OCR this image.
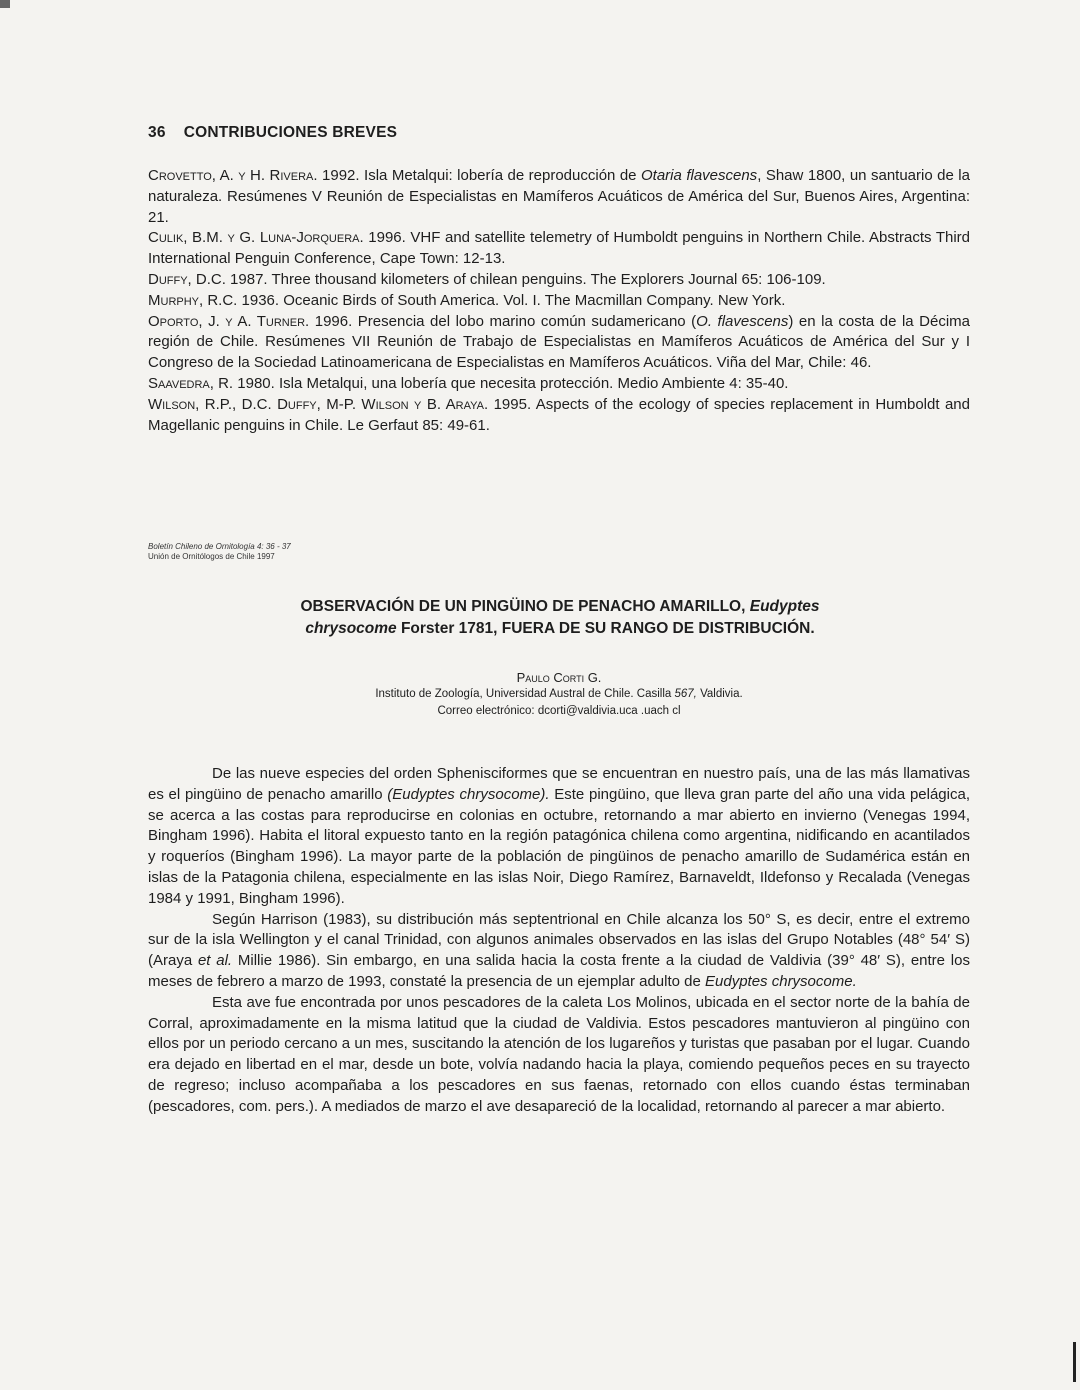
36 CONTRIBUCIONES BREVES

Crovetto, A. y H. Rivera. 1992. Isla Metalqui: lobería de reproducción de Otaria flavescens, Shaw 1800, un santuario de la naturaleza. Resúmenes V Reunión de Especialistas en Mamíferos Acuáticos de América del Sur, Buenos Aires, Argentina: 21.

Culik, B.M. y G. Luna-Jorquera. 1996. VHF and satellite telemetry of Humboldt penguins in Northern Chile. Abstracts Third International Penguin Conference, Cape Town: 12-13.

Duffy, D.C. 1987. Three thousand kilometers of chilean penguins. The Explorers Journal 65: 106-109.

Murphy, R.C. 1936. Oceanic Birds of South America. Vol. I. The Macmillan Company. New York.

Oporto, J. y A. Turner. 1996. Presencia del lobo marino común sudamericano (O. flavescens) en la costa de la Décima región de Chile. Resúmenes VII Reunión de Trabajo de Especialistas en Mamíferos Acuáticos de América del Sur y I Congreso de la Sociedad Latinoamericana de Especialistas en Mamíferos Acuáticos. Viña del Mar, Chile: 46.

Saavedra, R. 1980. Isla Metalqui, una lobería que necesita protección. Medio Ambiente 4: 35-40.

Wilson, R.P., D.C. Duffy, M-P. Wilson y B. Araya. 1995. Aspects of the ecology of species replacement in Humboldt and Magellanic penguins in Chile. Le Gerfaut 85: 49-61.

Boletín Chileno de Ornitología 4: 36 - 37
Unión de Ornitólogos de Chile 1997
OBSERVACIÓN DE UN PINGÜINO DE PENACHO AMARILLO, Eudyptes
chrysocome Forster 1781, FUERA DE SU RANGO DE DISTRIBUCIÓN.
Paulo Corti G.
Instituto de Zoología, Universidad Austral de Chile. Casilla 567, Valdivia.
Correo electrónico: dcorti@valdivia.uca .uach cl

De las nueve especies del orden Sphenisciformes que se encuentran en nuestro país, una de las más llamativas es el pingüino de penacho amarillo (Eudyptes chrysocome). Este pingüino, que lleva gran parte del año una vida pelágica, se acerca a las costas para reproducirse en colonias en octubre, retornando a mar abierto en invierno (Venegas 1994, Bingham 1996). Habita el litoral expuesto tanto en la región patagónica chilena como argentina, nidificando en acantilados y roqueríos (Bingham 1996). La mayor parte de la población de pingüinos de penacho amarillo de Sudamérica están en islas de la Patagonia chilena, especialmente en las islas Noir, Diego Ramírez, Barnaveldt, Ildefonso y Recalada (Venegas 1984 y 1991, Bingham 1996).

Según Harrison (1983), su distribución más septentrional en Chile alcanza los 50° S, es decir, entre el extremo sur de la isla Wellington y el canal Trinidad, con algunos animales observados en las islas del Grupo Notables (48° 54′ S) (Araya et al. Millie 1986). Sin embargo, en una salida hacia la costa frente a la ciudad de Valdivia (39° 48′ S), entre los meses de febrero a marzo de 1993, constaté la presencia de un ejemplar adulto de Eudyptes chrysocome.

Esta ave fue encontrada por unos pescadores de la caleta Los Molinos, ubicada en el sector norte de la bahía de Corral, aproximadamente en la misma latitud que la ciudad de Valdivia. Estos pescadores mantuvieron al pingüino con ellos por un periodo cercano a un mes, suscitando la atención de los lugareños y turistas que pasaban por el lugar. Cuando era dejado en libertad en el mar, desde un bote, volvía nadando hacia la playa, comiendo pequeños peces en su trayecto de regreso; incluso acompañaba a los pescadores en sus faenas, retornado con ellos cuando éstas terminaban (pescadores, com. pers.). A mediados de marzo el ave desapareció de la localidad, retornando al parecer a mar abierto.
